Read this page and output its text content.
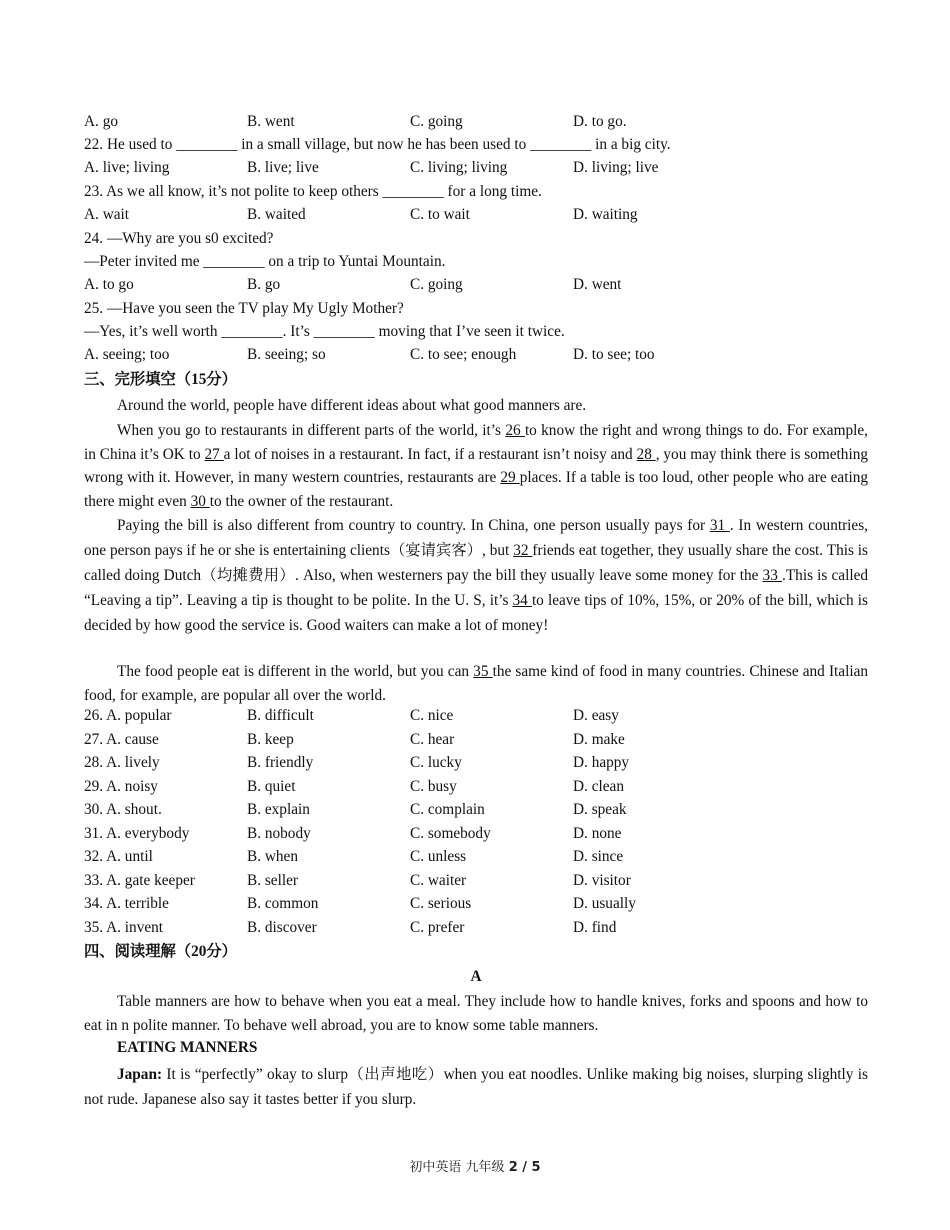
A. go	B. went	C. going	D. to go.
22. He used to ________ in a small village, but now he has been used to ________ in a big city.
A. live; living	B. live; live	C. living; living	D. living; live
23. As we all know, it’s not polite to keep others ________ for a long time.
A. wait	B. waited	C. to wait	D. waiting
24. —Why are you s0 excited?
—Peter invited me ________ on a trip to Yuntai Mountain.
A. to go	B. go	C. going	D. went
25. —Have you seen the TV play My Ugly Mother?
—Yes, it’s well worth ________. It’s ________ moving that I’ve seen it twice.
A. seeing; too	B. seeing; so	C. to see; enough	D. to see; too
三、完形填空（15分）
Around the world, people have different ideas about what good manners are.
When you go to restaurants in different parts of the world, it’s 26 to know the right and wrong things to do. For example, in China it’s OK to 27 a lot of noises in a restaurant. In fact, if a restaurant isn’t noisy and 28 , you may think there is something wrong with it. However, in many western countries, restaurants are 29 places. If a table is too loud, other people who are eating there might even 30 to the owner of the restaurant.
Paying the bill is also different from country to country. In China, one person usually pays for 31 . In western countries, one person pays if he or she is entertaining clients（宴请宾客）, but 32 friends eat together, they usually share the cost. This is called doing Dutch（均摊费用）. Also, when westerners pay the bill they usually leave some money for the 33 .This is called “Leaving a tip”. Leaving a tip is thought to be polite. In the U. S, it’s 34 to leave tips of 10%, 15%, or 20% of the bill, which is decided by how good the service is. Good waiters can make a lot of money!
The food people eat is different in the world, but you can 35 the same kind of food in many countries. Chinese and Italian food, for example, are popular all over the world.
26. A. popular	B. difficult	C. nice	D. easy
27. A. cause	B. keep	C. hear	D. make
28. A. lively	B. friendly	C. lucky	D. happy
29. A. noisy	B. quiet	C. busy	D. clean
30. A. shout.	B. explain	C. complain	D. speak
31. A. everybody	B. nobody	C. somebody	D. none
32. A. until	B. when	C. unless	D. since
33. A. gate keeper	B. seller	C. waiter	D. visitor
34. A. terrible	B. common	C. serious	D. usually
35. A. invent	B. discover	C. prefer	D. find
四、阅读理解（20分）
A
Table manners are how to behave when you eat a meal. They include how to handle knives, forks and spoons and how to eat in n polite manner. To behave well abroad, you are to know some table manners.
EATING MANNERS
Japan: It is “perfectly” okay to slurp（出声地吃）when you eat noodles. Unlike making big noises, slurping slightly is not rude. Japanese also say it tastes better if you slurp.
初中英语 九年级 2 / 5
